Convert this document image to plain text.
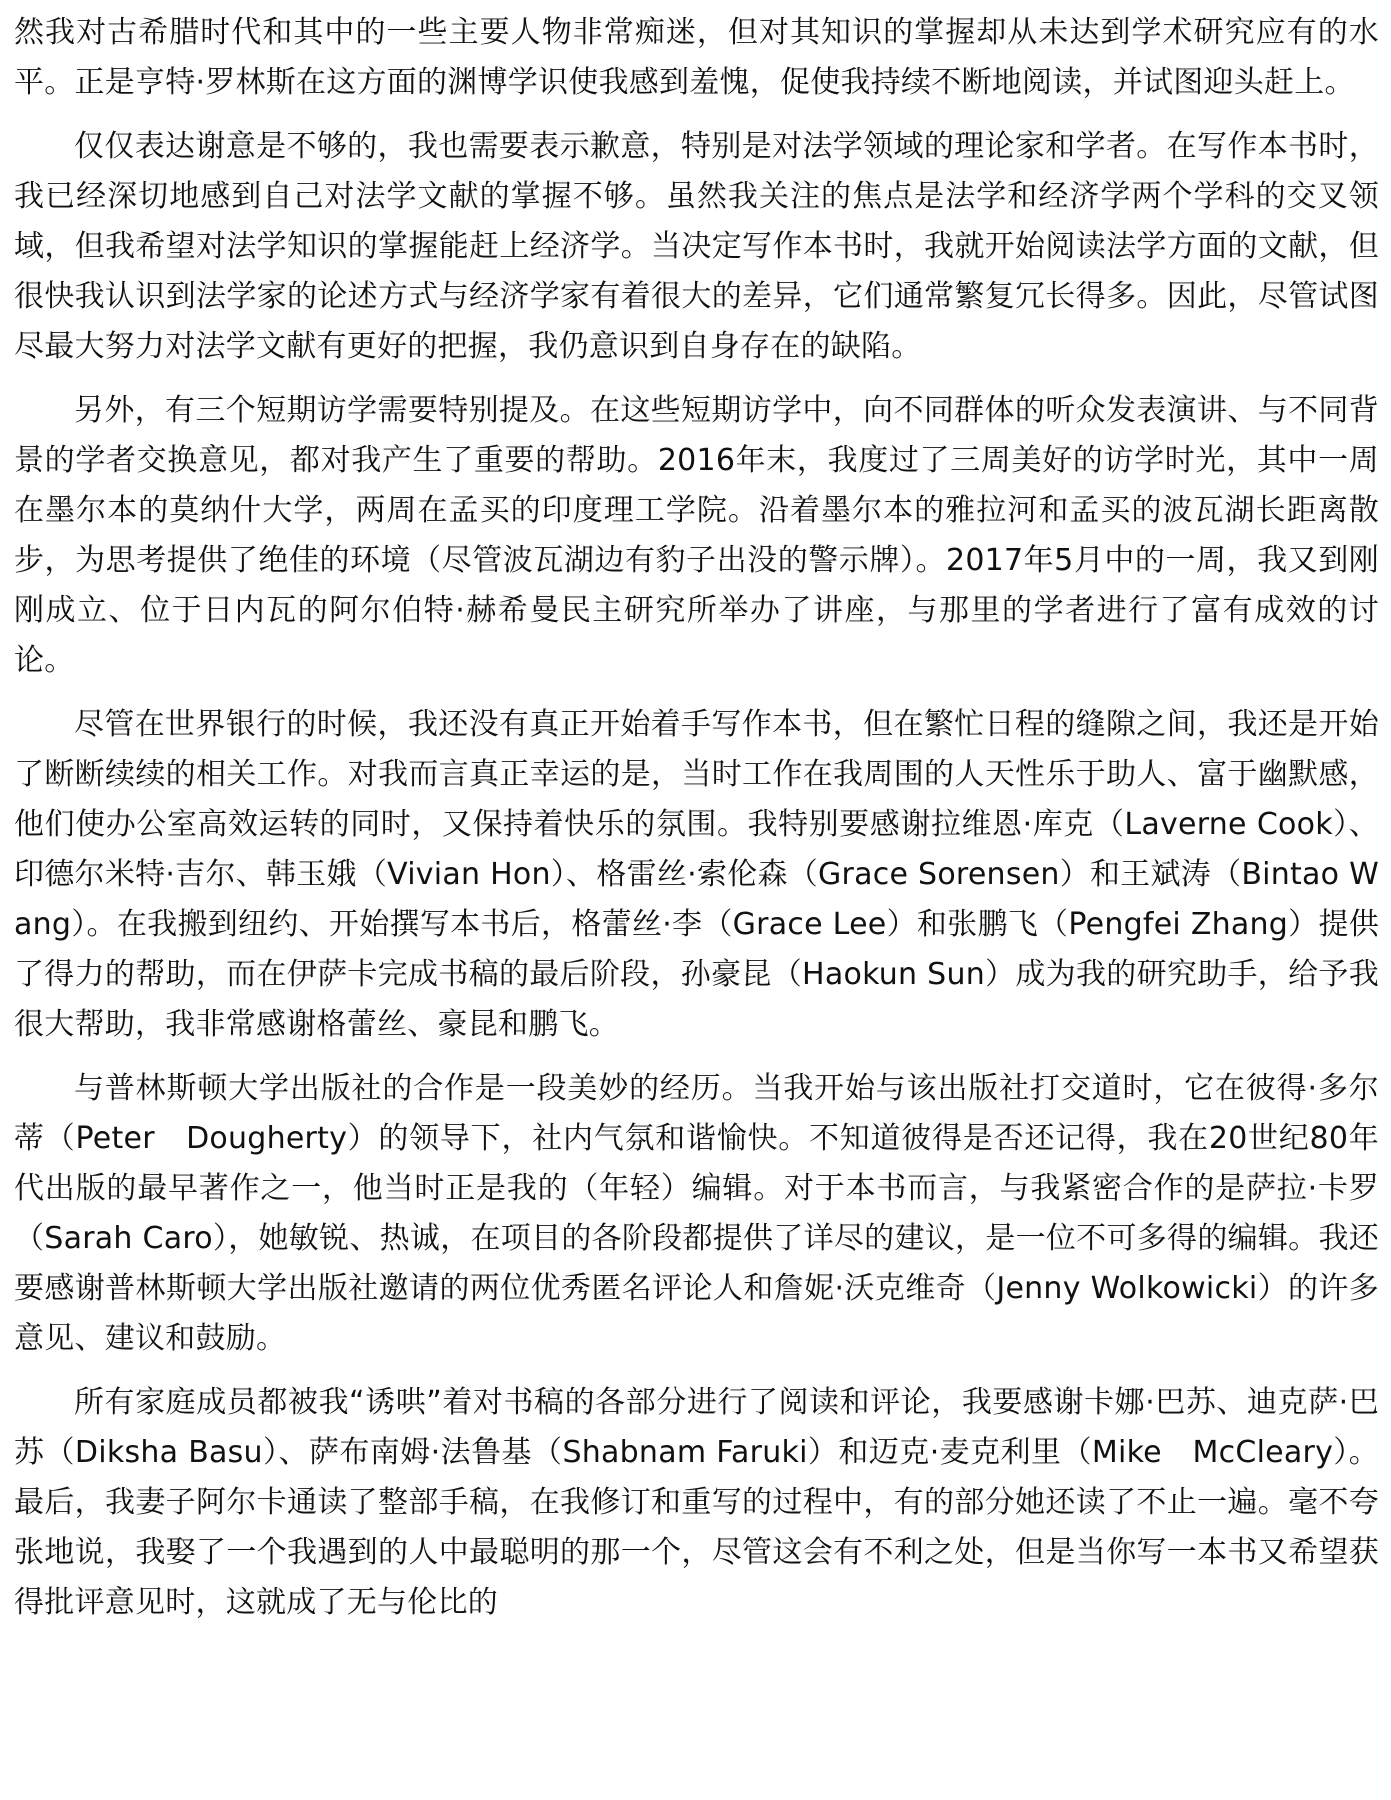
然我对古希腊时代和其中的一些主要人物非常痴迷，但对其知识的掌握却从未达到学术研究应有的水平。正是亨特·罗林斯在这方面的渊博学识使我感到羞愧，促使我持续不断地阅读，并试图迎头赶上。

仅仅表达谢意是不够的，我也需要表示歉意，特别是对法学领域的理论家和学者。在写作本书时，我已经深切地感到自己对法学文献的掌握不够。虽然我关注的焦点是法学和经济学两个学科的交叉领域，但我希望对法学知识的掌握能赶上经济学。当决定写作本书时，我就开始阅读法学方面的文献，但很快我认识到法学家的论述方式与经济学家有着很大的差异，它们通常繁复冗长得多。因此，尽管试图尽最大努力对法学文献有更好的把握，我仍意识到自身存在的缺陷。

另外，有三个短期访学需要特别提及。在这些短期访学中，向不同群体的听众发表演讲、与不同背景的学者交换意见，都对我产生了重要的帮助。2016年末，我度过了三周美好的访学时光，其中一周在墨尔本的莫纳什大学，两周在孟买的印度理工学院。沿着墨尔本的雅拉河和孟买的波瓦湖长距离散步，为思考提供了绝佳的环境（尽管波瓦湖边有豹子出没的警示牌）。2017年5月中的一周，我又到刚刚成立、位于日内瓦的阿尔伯特·赫希曼民主研究所举办了讲座，与那里的学者进行了富有成效的讨论。

尽管在世界银行的时候，我还没有真正开始着手写作本书，但在繁忙日程的缝隙之间，我还是开始了断断续续的相关工作。对我而言真正幸运的是，当时工作在我周围的人天性乐于助人、富于幽默感，他们使办公室高效运转的同时，又保持着快乐的氛围。我特别要感谢拉维恩·库克（Laverne Cook）、印德尔米特·吉尔、韩玉娥（Vivian Hon）、格雷丝·索伦森（Grace Sorensen）和王斌涛（Bintao Wang）。在我搬到纽约、开始撰写本书后，格蕾丝·李（Grace Lee）和张鹏飞（Pengfei Zhang）提供了得力的帮助，而在伊萨卡完成书稿的最后阶段，孙豪昆（Haokun Sun）成为我的研究助手，给予我很大帮助，我非常感谢格蕾丝、豪昆和鹏飞。

与普林斯顿大学出版社的合作是一段美妙的经历。当我开始与该出版社打交道时，它在彼得·多尔蒂（Peter　Dougherty）的领导下，社内气氛和谐愉快。不知道彼得是否还记得，我在20世纪80年代出版的最早著作之一，他当时正是我的（年轻）编辑。对于本书而言，与我紧密合作的是萨拉·卡罗（Sarah Caro），她敏锐、热诚，在项目的各阶段都提供了详尽的建议，是一位不可多得的编辑。我还要感谢普林斯顿大学出版社邀请的两位优秀匿名评论人和詹妮·沃克维奇（Jenny Wolkowicki）的许多意见、建议和鼓励。

所有家庭成员都被我“诱哄”着对书稿的各部分进行了阅读和评论，我要感谢卡娜·巴苏、迪克萨·巴苏（Diksha Basu）、萨布南姆·法鲁基（Shabnam Faruki）和迈克·麦克利里（Mike　McCleary）。最后，我妻子阿尔卡通读了整部手稿，在我修订和重写的过程中，有的部分她还读了不止一遍。毫不夸张地说，我娶了一个我遇到的人中最聪明的那一个，尽管这会有不利之处，但是当你写一本书又希望获得批评意见时，这就成了无与伦比的
